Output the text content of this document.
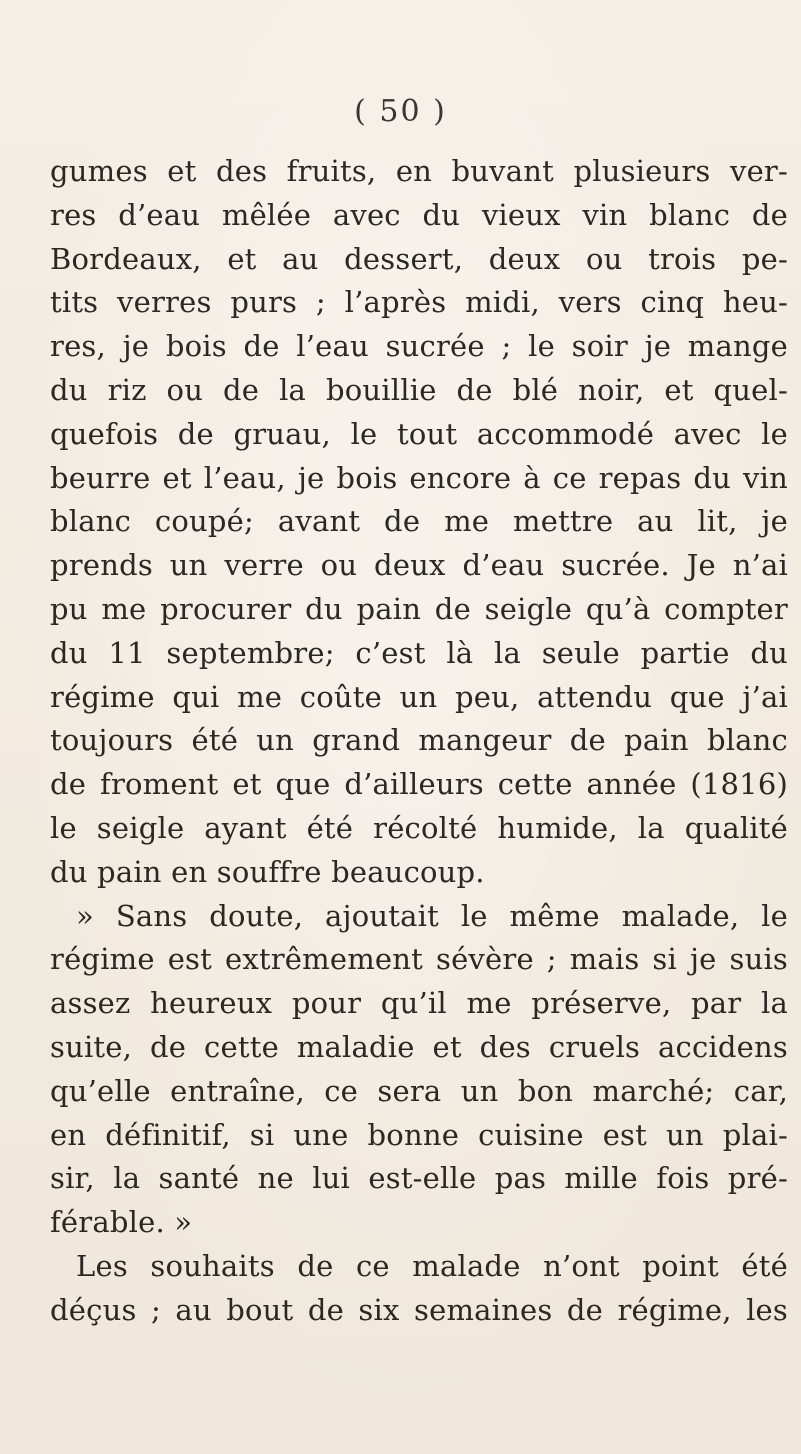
( 50 )
gumes et des fruits, en buvant plusieurs ver-
res d’eau mêlée avec du vieux vin blanc de
Bordeaux, et au dessert, deux ou trois pe-
tits verres purs ; l’après midi, vers cinq heu-
res, je bois de l’eau sucrée ; le soir je mange
du riz ou de la bouillie de blé noir, et quel-
quefois de gruau, le tout accommodé avec le
beurre et l’eau, je bois encore à ce repas du vin
blanc coupé; avant de me mettre au lit, je
prends un verre ou deux d’eau sucrée. Je n’ai
pu me procurer du pain de seigle qu’à compter
du 11 septembre; c’est là la seule partie du
régime qui me coûte un peu, attendu que j’ai
toujours été un grand mangeur de pain blanc
de froment et que d’ailleurs cette année (1816)
le seigle ayant été récolté humide, la qualité
du pain en souffre beaucoup.
» Sans doute, ajoutait le même malade, le
régime est extrêmement sévère ; mais si je suis
assez heureux pour qu’il me préserve, par la
suite, de cette maladie et des cruels accidens
qu’elle entraîne, ce sera un bon marché; car,
en définitif, si une bonne cuisine est un plai-
sir, la santé ne lui est-elle pas mille fois pré-
férable. »
Les souhaits de ce malade n’ont point été
déçus ; au bout de six semaines de régime, les
